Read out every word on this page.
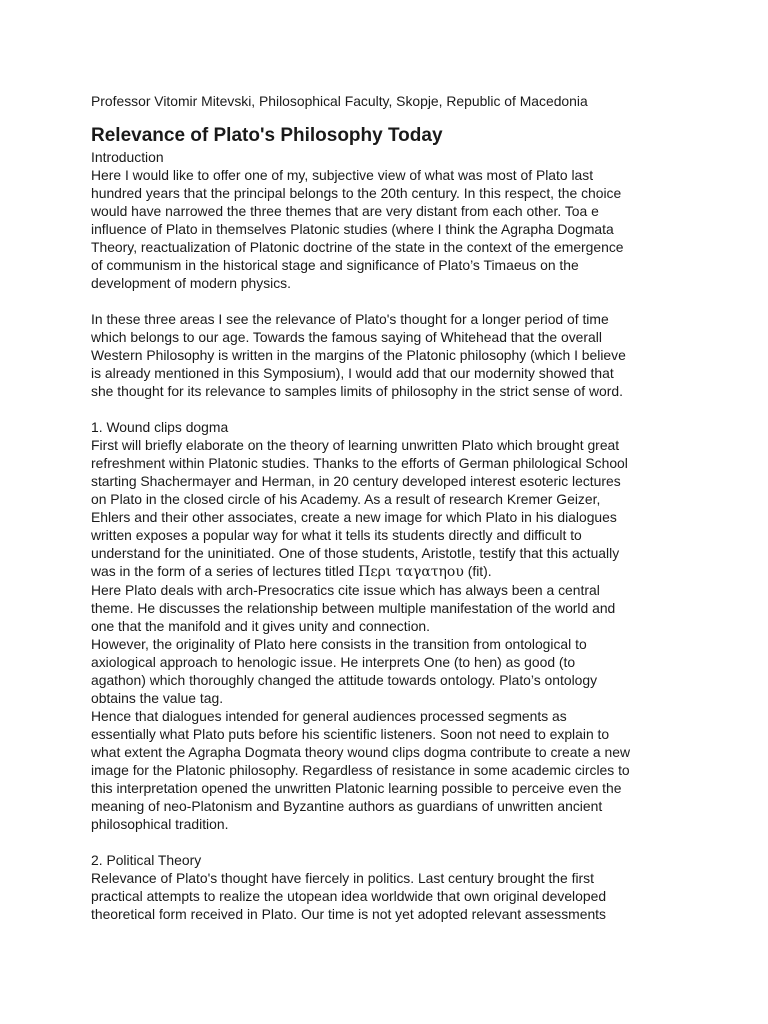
Professor Vitomir Mitevski, Philosophical Faculty, Skopje, Republic of Macedonia
Relevance of Plato's Philosophy Today
Introduction
Here I would like to offer one of my, subjective view of what was most of Plato last
hundred years that the principal belongs to the 20th century. In this respect, the choice
would have narrowed the three themes that are very distant from each other. Toa e
influence of Plato in themselves Platonic studies (where I think the Agrapha Dogmata
Theory, reactualization of Platonic doctrine of the state in the context of the emergence
of communism in the historical stage and significance of Plato’s Timaeus on the
development of modern physics.
In these three areas I see the relevance of Plato's thought for a longer period of time
which belongs to our age. Towards the famous saying of Whitehead that the overall
Western Philosophy is written in the margins of the Platonic philosophy (which I believe
is already mentioned in this Symposium), I would add that our modernity showed that
she thought for its relevance to samples limits of philosophy in the strict sense of word.
1. Wound clips dogma
First will briefly elaborate on the theory of learning unwritten Plato which brought great
refreshment within Platonic studies. Thanks to the efforts of German philological School
starting Shachermayer and Herman, in 20 century developed interest esoteric lectures
on Plato in the closed circle of his Academy. As a result of research Kremer Geizer,
Ehlers and their other associates, create a new image for which Plato in his dialogues
written exposes a popular way for what it tells its students directly and difficult to
understand for the uninitiated. One of those students, Aristotle, testify that this actually
was in the form of a series of lectures titled Περι ταγατηου (fit).
Here Plato deals with arch-Presocratics cite issue which has always been a central
theme. He discusses the relationship between multiple manifestation of the world and
one that the manifold and it gives unity and connection.
However, the originality of Plato here consists in the transition from ontological to
axiological approach to henologic issue. He interprets One (to hen) as good (to
agathon) which thoroughly changed the attitude towards ontology. Plato’s ontology
obtains the value tag.
Hence that dialogues intended for general audiences processed segments as
essentially what Plato puts before his scientific listeners. Soon not need to explain to
what extent the Agrapha Dogmata theory wound clips dogma contribute to create a new
image for the Platonic philosophy. Regardless of resistance in some academic circles to
this interpretation opened the unwritten Platonic learning possible to perceive even the
meaning of neo-Platonism and Byzantine authors as guardians of unwritten ancient
philosophical tradition.
2. Political Theory
Relevance of Plato's thought have fiercely in politics. Last century brought the first
practical attempts to realize the utopean idea worldwide that own original developed
theoretical form received in Plato. Our time is not yet adopted relevant assessments
